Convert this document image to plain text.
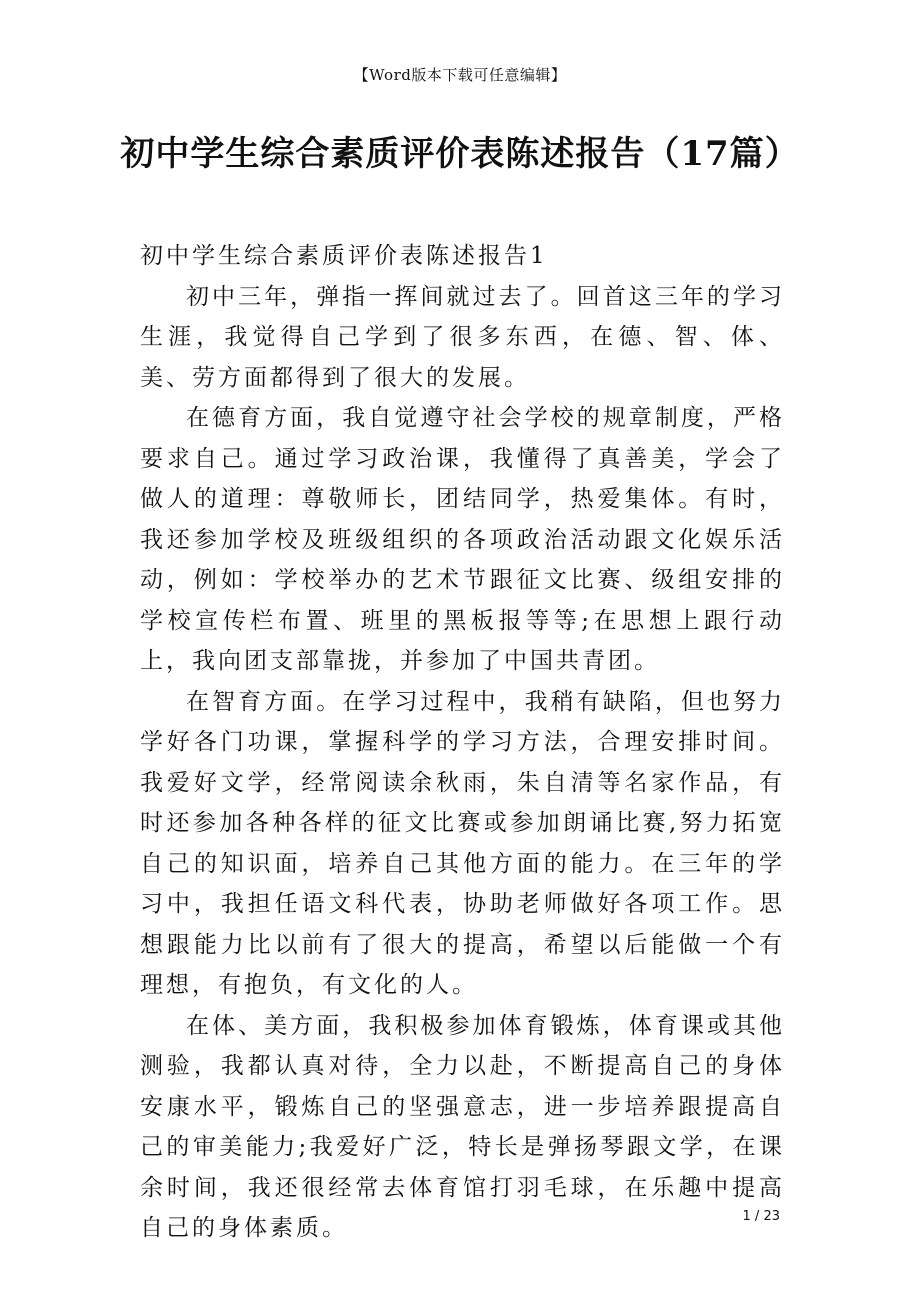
【Word版本下载可任意编辑】
初中学生综合素质评价表陈述报告（17篇）

初中学生综合素质评价表陈述报告1

初中三年，弹指一挥间就过去了。回首这三年的学习生涯，我觉得自己学到了很多东西，在德、智、体、美、劳方面都得到了很大的发展。

在德育方面，我自觉遵守社会学校的规章制度，严格要求自己。通过学习政治课，我懂得了真善美，学会了做人的道理：尊敬师长，团结同学，热爱集体。有时，我还参加学校及班级组织的各项政治活动跟文化娱乐活动，例如：学校举办的艺术节跟征文比赛、级组安排的学校宣传栏布置、班里的黑板报等等;在思想上跟行动上，我向团支部靠拢，并参加了中国共青团。

在智育方面。在学习过程中，我稍有缺陷，但也努力学好各门功课，掌握科学的学习方法，合理安排时间。我爱好文学，经常阅读余秋雨，朱自清等名家作品，有时还参加各种各样的征文比赛或参加朗诵比赛,努力拓宽自己的知识面，培养自己其他方面的能力。在三年的学习中，我担任语文科代表，协助老师做好各项工作。思想跟能力比以前有了很大的提高，希望以后能做一个有理想，有抱负，有文化的人。

在体、美方面，我积极参加体育锻炼，体育课或其他测验，我都认真对待，全力以赴，不断提高自己的身体安康水平，锻炼自己的坚强意志，进一步培养跟提高自己的审美能力;我爱好广泛，特长是弹扬琴跟文学，在课余时间，我还很经常去体育馆打羽毛球，在乐趣中提高自己的身体素质。	1 / 23
